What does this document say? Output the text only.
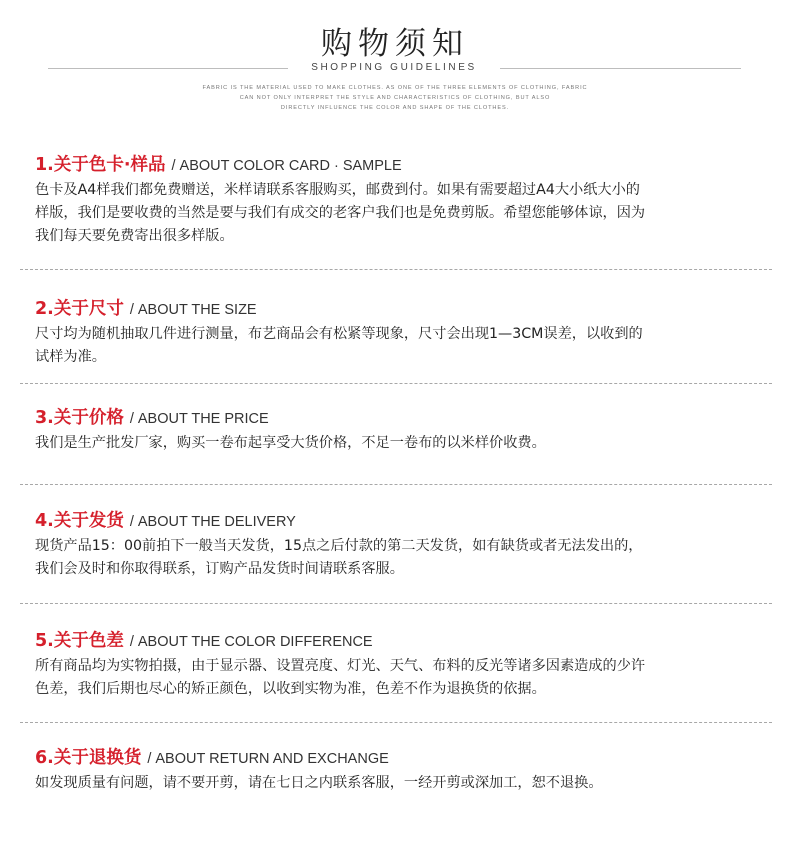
购物须知
SHOPPING GUIDELINES
FABRIC IS THE MATERIAL USED TO MAKE CLOTHES. AS ONE OF THE THREE ELEMENTS OF CLOTHING, FABRIC
CAN NOT ONLY INTERPRET THE STYLE AND CHARACTERISTICS OF CLOTHING, BUT ALSO
DIRECTLY INFLUENCE THE COLOR AND SHAPE OF THE CLOTHES.
1.关于色卡·样品 / ABOUT COLOR CARD · SAMPLE
色卡及A4样我们都免费赠送，米样请联系客服购买，邮费到付。如果有需要超过A4大小纸大小的
样版，我们是要收费的当然是要与我们有成交的老客户我们也是免费剪版。希望您能够体谅，因为
我们每天要免费寄出很多样版。
2.关于尺寸 / ABOUT THE SIZE
尺寸均为随机抽取几件进行测量，布艺商品会有松紧等现象，尺寸会出现1—3CM误差，以收到的
试样为准。
3.关于价格 / ABOUT THE PRICE
我们是生产批发厂家，购买一卷布起享受大货价格，不足一卷布的以米样价收费。
4.关于发货 / ABOUT THE DELIVERY
现货产品15：00前拍下一般当天发货，15点之后付款的第二天发货，如有缺货或者无法发出的，
我们会及时和你取得联系，订购产品发货时间请联系客服。
5.关于色差 / ABOUT THE COLOR DIFFERENCE
所有商品均为实物拍摄，由于显示器、设置亮度、灯光、天气、布料的反光等诸多因素造成的少许
色差，我们后期也尽心的矫正颜色，以收到实物为准，色差不作为退换货的依据。
6.关于退换货 / ABOUT RETURN AND EXCHANGE
如发现质量有问题，请不要开剪，请在七日之内联系客服，一经开剪或深加工，恕不退换。
